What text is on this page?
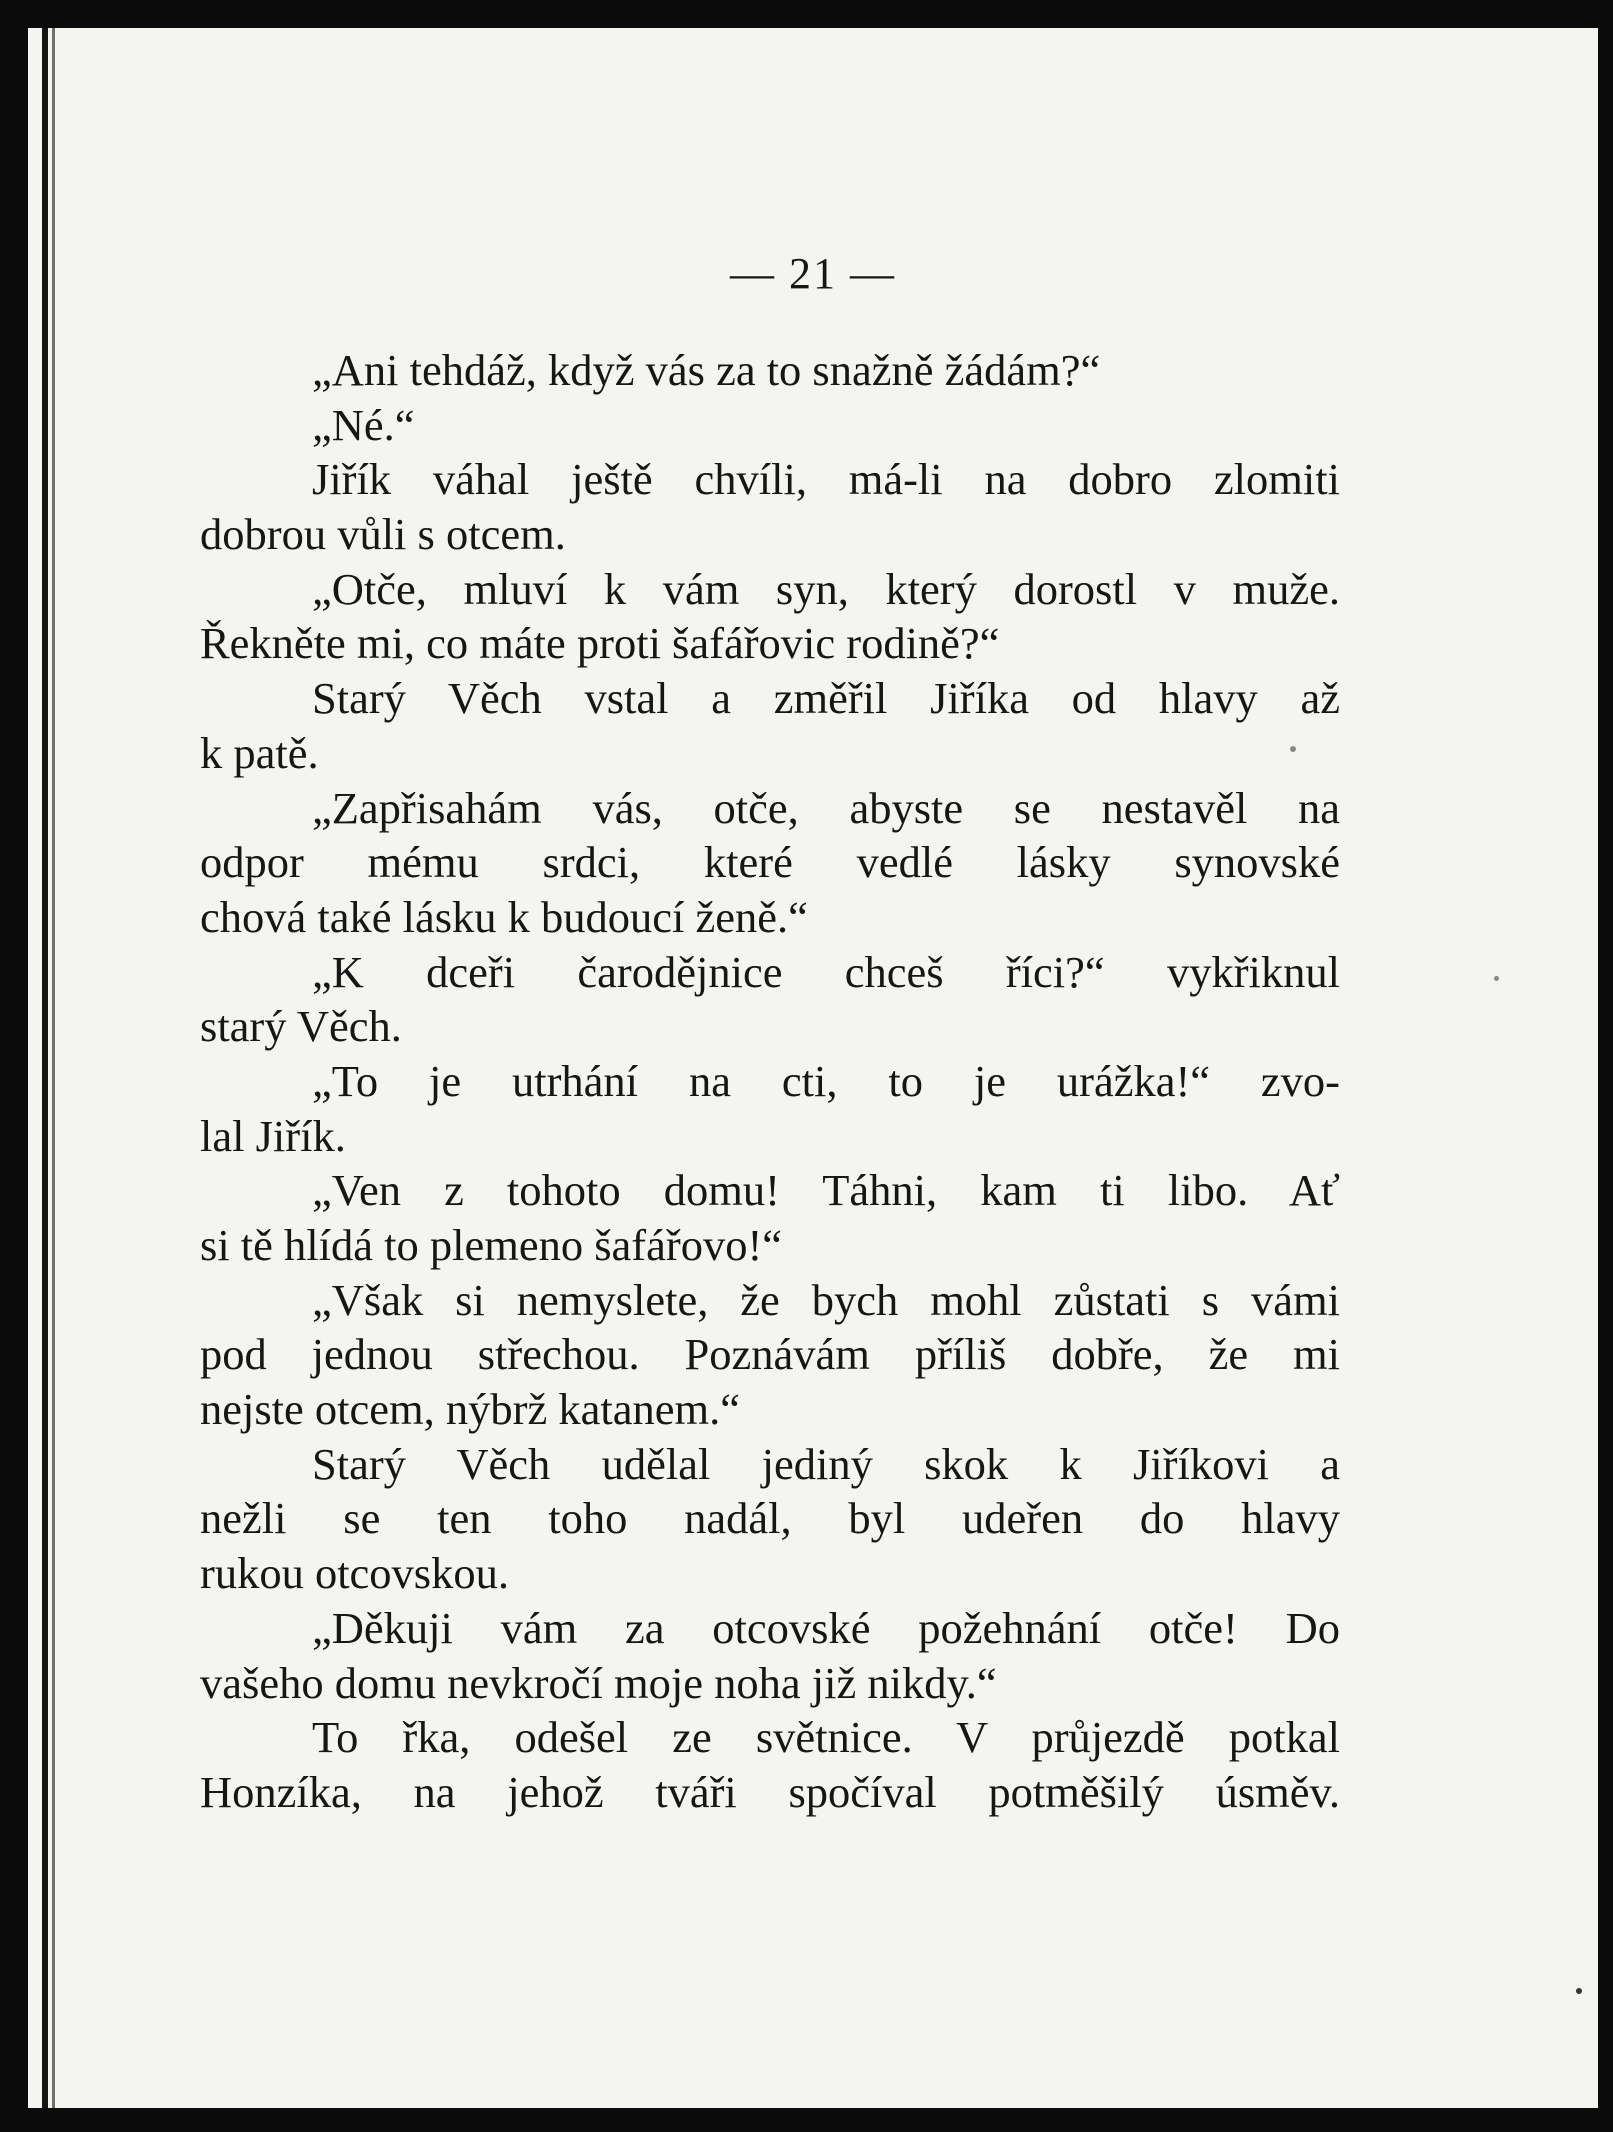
— 21 —
„Ani tehdáž, když vás za to snažně žádám?“
„Né.“
Jiřík váhal ještě chvíli, má-li na dobro zlomiti
dobrou vůli s otcem.
„Otče, mluví k vám syn, který dorostl v muže.
Řekněte mi, co máte proti šafářovic rodině?“
Starý Věch vstal a změřil Jiříka od hlavy až
k patě.
„Zapřisahám vás, otče, abyste se nestavěl na
odpor mému srdci, které vedlé lásky synovské
chová také lásku k budoucí ženě.“
„K dceři čarodějnice chceš říci?“ vykřiknul
starý Věch.
„To je utrhání na cti, to je urážka!“ zvo-
lal Jiřík.
„Ven z tohoto domu! Táhni, kam ti libo. Ať
si tě hlídá to plemeno šafářovo!“
„Však si nemyslete, že bych mohl zůstati s vámi
pod jednou střechou. Poznávám příliš dobře, že mi
nejste otcem, nýbrž katanem.“
Starý Věch udělal jediný skok k Jiříkovi a
nežli se ten toho nadál, byl udeřen do hlavy
rukou otcovskou.
„Děkuji vám za otcovské požehnání otče! Do
vašeho domu nevkročí moje noha již nikdy.“
To řka, odešel ze světnice. V průjezdě potkal
Honzíka, na jehož tváři spočíval potměšilý úsměv.
